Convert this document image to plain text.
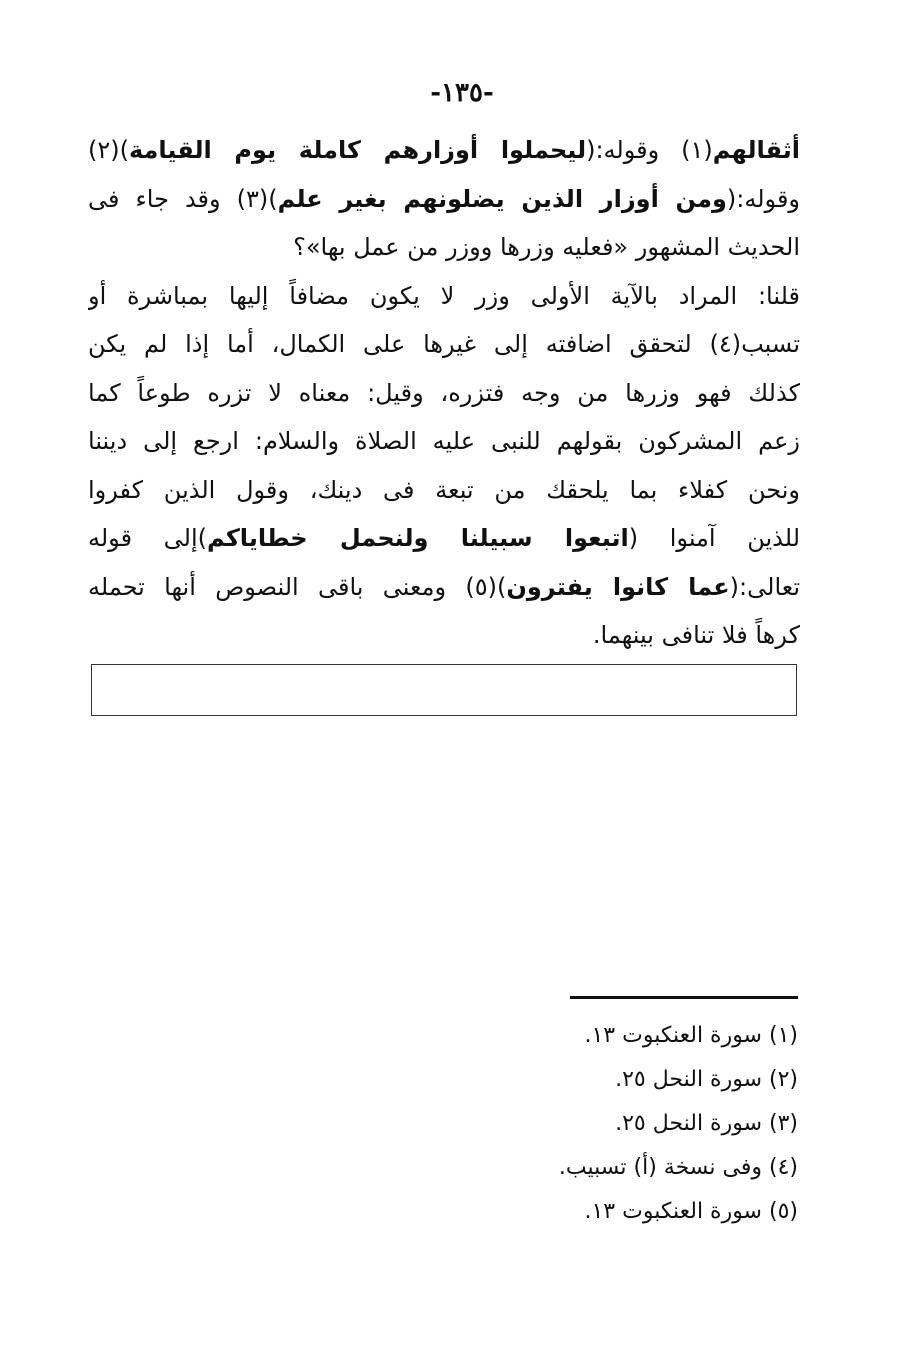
-١٣٥-
أثقالهم(١) وقوله:(ليحملوا أوزارهم كاملة يوم القيامة)(٢)
وقوله:(ومن أوزار الذين يضلونهم بغير علم)(٣) وقد جاء فى
الحديث المشهور «فعليه وزرها ووزر من عمل بها»؟
قلنا: المراد بالآية الأولى وزر لا يكون مضافاً إليها بمباشرة أو
تسبب(٤) لتحقق اضافته إلى غيرها على الكمال، أما إذا لم يكن
كذلك فهو وزرها من وجه فتزره، وقيل: معناه لا تزره طوعاً كما
زعم المشركون بقولهم للنبى عليه الصلاة والسلام: ارجع إلى ديننا
ونحن كفلاء بما يلحقك من تبعة فى دينك، وقول الذين كفروا
للذين آمنوا (اتبعوا سبيلنا ولنحمل خطاياكم)إلى قوله
تعالى:(عما كانوا يفترون)(٥) ومعنى باقى النصوص أنها تحمله
كرهاً فلا تنافى بينهما.
(١) سورة العنكبوت ١٣.
(٢) سورة النحل ٢٥.
(٣) سورة النحل ٢٥.
(٤) وفى نسخة (أ) تسبيب.
(٥) سورة العنكبوت ١٣.
